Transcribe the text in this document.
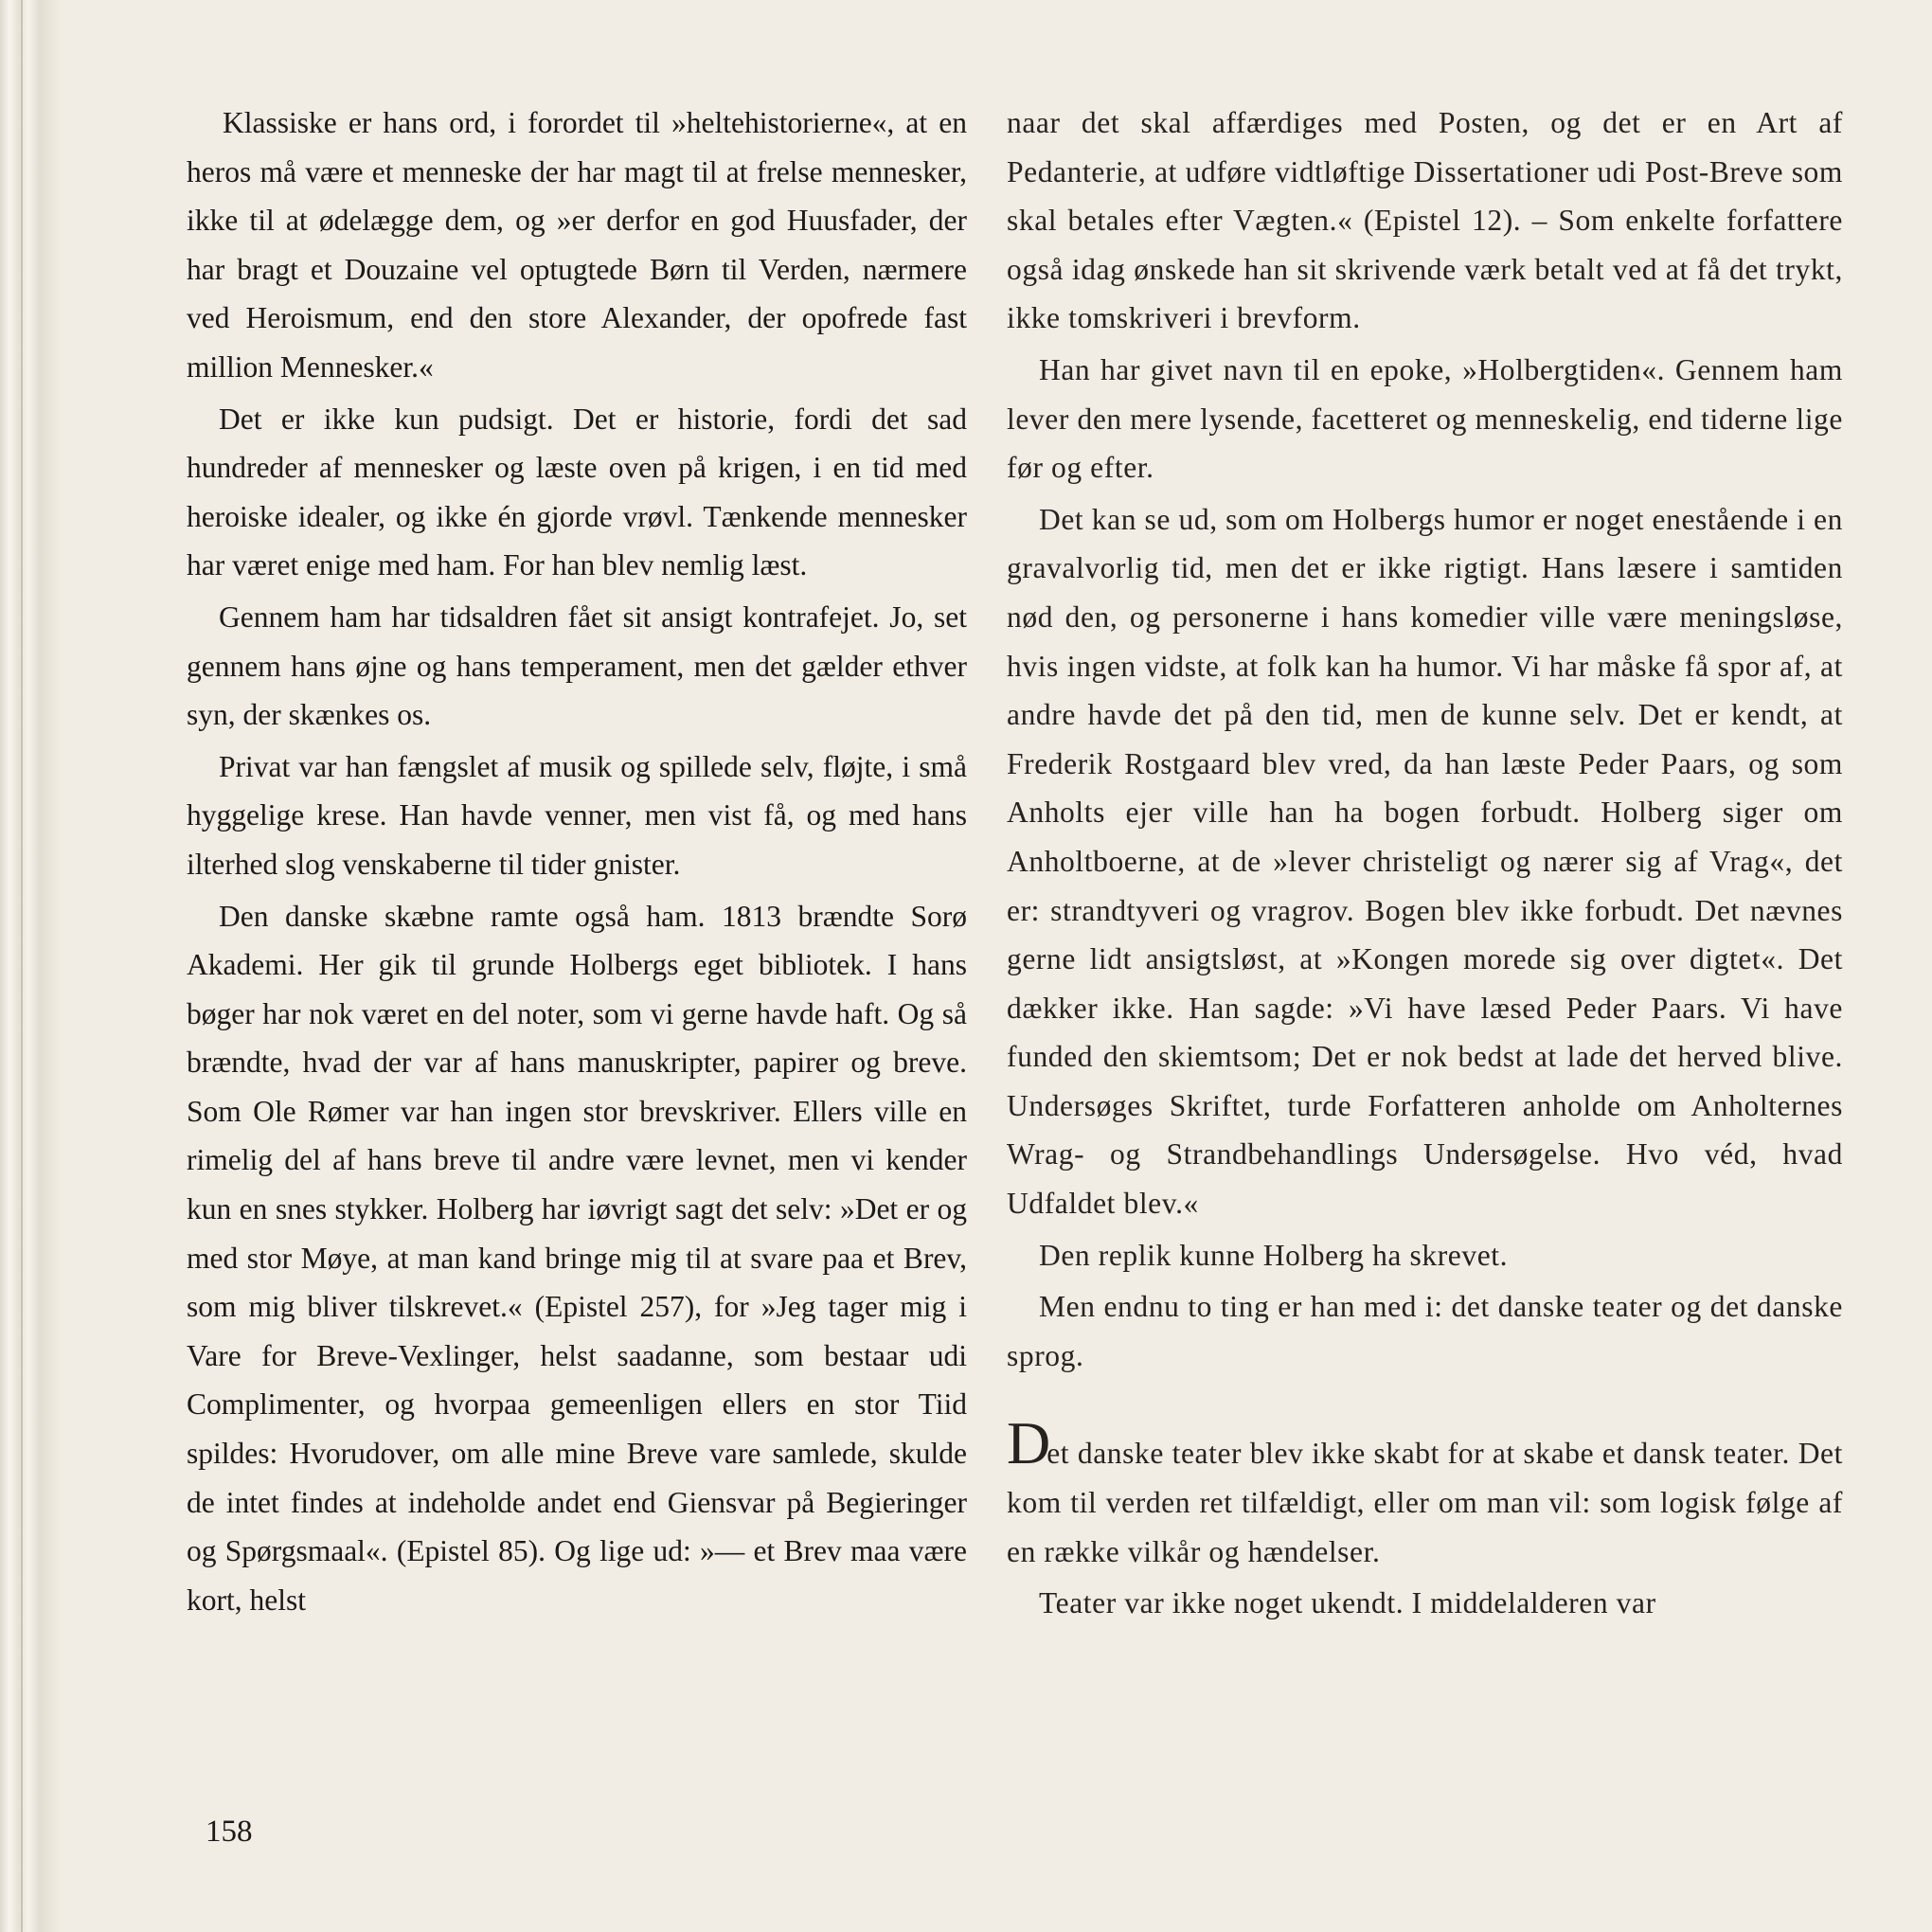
Klassiske er hans ord, i forordet til »heltehistorierne«, at en heros må være et menneske der har magt til at frelse mennesker, ikke til at ødelægge dem, og »er derfor en god Huusfader, der har bragt et Douzaine vel optugtede Børn til Verden, nærmere ved Heroismum, end den store Alexander, der opofrede fast million Mennesker.«

Det er ikke kun pudsigt. Det er historie, fordi det sad hundreder af mennesker og læste oven på krigen, i en tid med heroiske idealer, og ikke én gjorde vrøvl. Tænkende mennesker har været enige med ham. For han blev nemlig læst.

Gennem ham har tidsaldren fået sit ansigt kontrafejet. Jo, set gennem hans øjne og hans temperament, men det gælder ethver syn, der skænkes os.

Privat var han fængslet af musik og spillede selv, fløjte, i små hyggelige krese. Han havde venner, men vist få, og med hans ilterhed slog venskaberne til tider gnister.

Den danske skæbne ramte også ham. 1813 brændte Sorø Akademi. Her gik til grunde Holbergs eget bibliotek. I hans bøger har nok været en del noter, som vi gerne havde haft. Og så brændte, hvad der var af hans manuskripter, papirer og breve. Som Ole Rømer var han ingen stor brevskriver. Ellers ville en rimelig del af hans breve til andre være levnet, men vi kender kun en snes stykker. Holberg har iøvrigt sagt det selv: »Det er og med stor Møye, at man kand bringe mig til at svare paa et Brev, som mig bliver tilskrevet.« (Epistel 257), for »Jeg tager mig i Vare for Breve-Vexlinger, helst saadanne, som bestaar udi Complimenter, og hvorpaa gemeenligen ellers en stor Tiid spildes: Hvorudover, om alle mine Breve vare samlede, skulde de intet findes at indeholde andet end Giensvar på Begieringer og Spørgsmaal«. (Epistel 85). Og lige ud: »— et Brev maa være kort, helst

naar det skal affærdiges med Posten, og det er en Art af Pedanterie, at udføre vidtløftige Dissertationer udi Post-Breve som skal betales efter Vægten.« (Epistel 12). – Som enkelte forfattere også idag ønskede han sit skrivende værk betalt ved at få det trykt, ikke tomskriveri i brevform.

Han har givet navn til en epoke, »Holbergtiden«. Gennem ham lever den mere lysende, facetteret og menneskelig, end tiderne lige før og efter.

Det kan se ud, som om Holbergs humor er noget enestående i en gravalvorlig tid, men det er ikke rigtigt. Hans læsere i samtiden nød den, og personerne i hans komedier ville være meningsløse, hvis ingen vidste, at folk kan ha humor. Vi har måske få spor af, at andre havde det på den tid, men de kunne selv. Det er kendt, at Frederik Rostgaard blev vred, da han læste Peder Paars, og som Anholts ejer ville han ha bogen forbudt. Holberg siger om Anholtboerne, at de »lever christeligt og nærer sig af Vrag«, det er: strandtyveri og vragrov. Bogen blev ikke forbudt. Det nævnes gerne lidt ansigtsløst, at »Kongen morede sig over digtet«. Det dækker ikke. Han sagde: »Vi have læsed Peder Paars. Vi have funded den skiemtsom; Det er nok bedst at lade det herved blive. Undersøges Skriftet, turde Forfatteren anholde om Anholternes Wrag- og Strandbehandlings Undersøgelse. Hvo véd, hvad Udfaldet blev.«

Den replik kunne Holberg ha skrevet.

Men endnu to ting er han med i: det danske teater og det danske sprog.

Det danske teater blev ikke skabt for at skabe et dansk teater. Det kom til verden ret tilfældigt, eller om man vil: som logisk følge af en række vilkår og hændelser.

Teater var ikke noget ukendt. I middelalderen var

158
